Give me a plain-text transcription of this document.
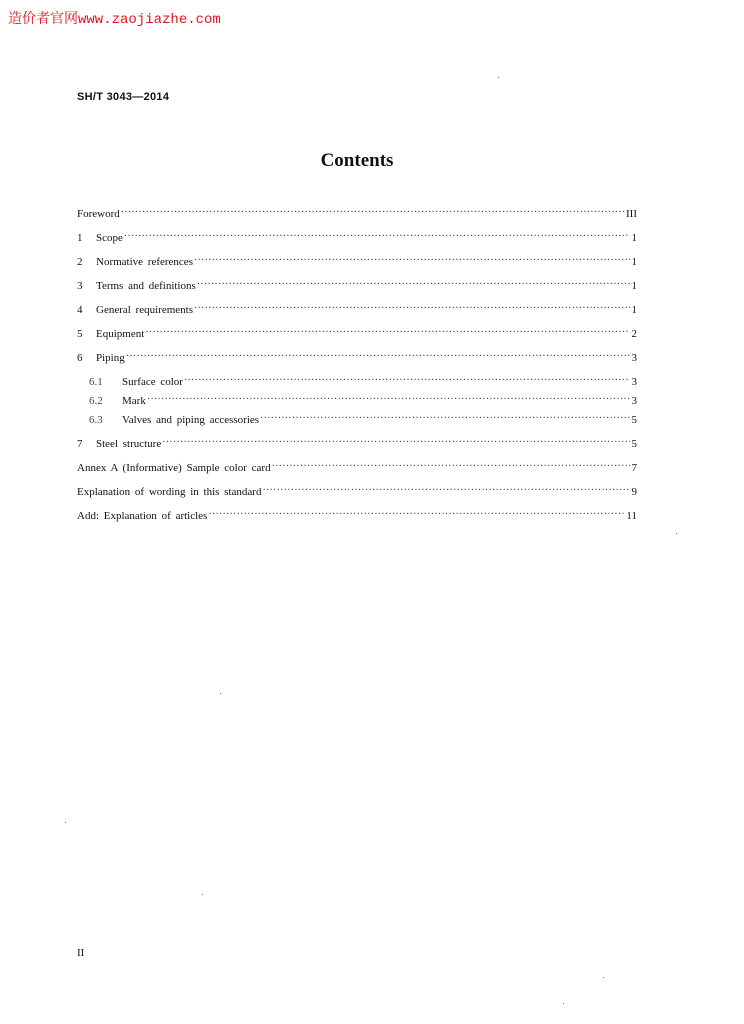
造价者官网www.zaojiazhe.com
SH/T 3043—2014
Contents
Foreword ·····	III
1	Scope ·····	1
2	Normative references ·····	1
3	Terms and definitions ·····	1
4	General requirements ·····	1
5	Equipment ·····	2
6	Piping ·····	3
6.1	Surface color ·····	3
6.2	Mark ·····	3
6.3	Valves and piping accessories ·····	5
7	Steel structure ·····	5
Annex A (Informative) Sample color card ·····	7
Explanation of wording in this standard ·····	9
Add: Explanation of articles ·····	11
II
